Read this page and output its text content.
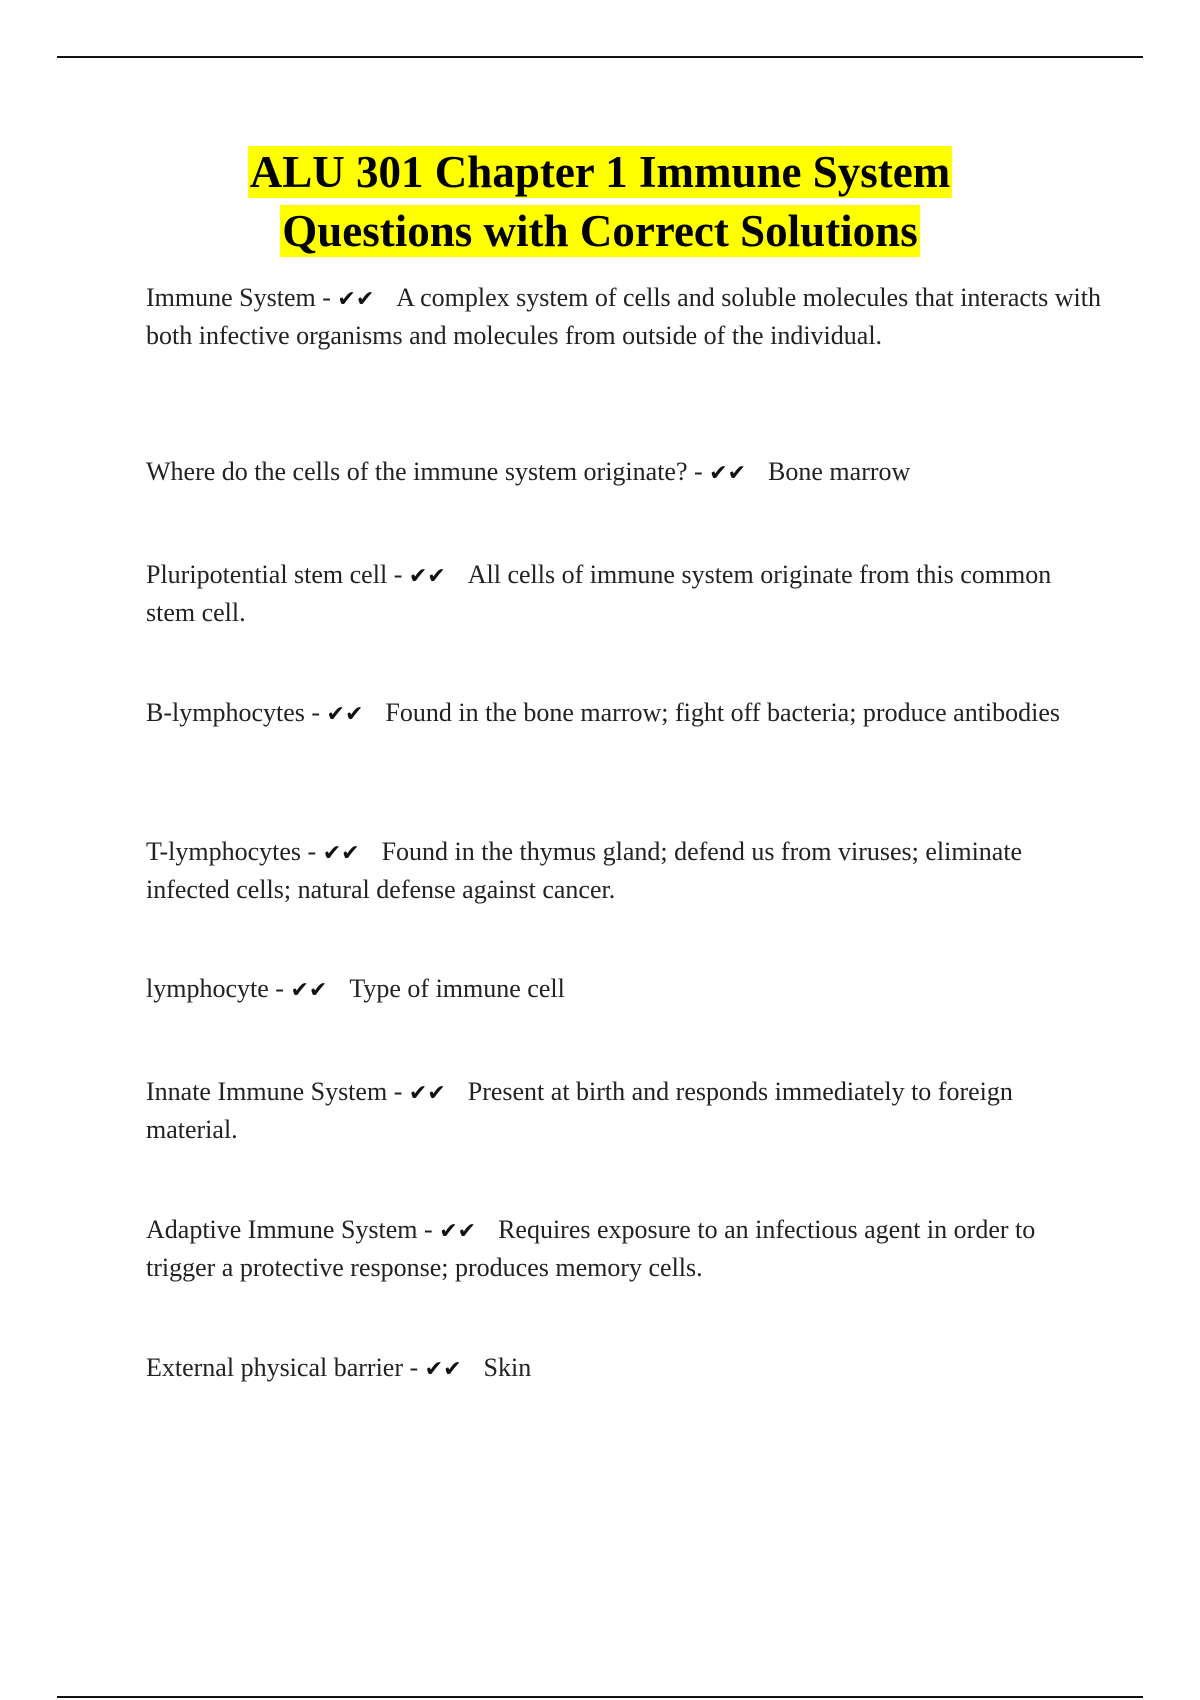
ALU 301 Chapter 1 Immune System
Questions with Correct Solutions
Immune System - ✔✔ A complex system of cells and soluble molecules that interacts with both infective organisms and molecules from outside of the individual.
Where do the cells of the immune system originate? - ✔✔ Bone marrow
Pluripotential stem cell - ✔✔ All cells of immune system originate from this common stem cell.
B-lymphocytes - ✔✔ Found in the bone marrow; fight off bacteria; produce antibodies
T-lymphocytes - ✔✔ Found in the thymus gland; defend us from viruses; eliminate infected cells; natural defense against cancer.
lymphocyte - ✔✔ Type of immune cell
Innate Immune System - ✔✔ Present at birth and responds immediately to foreign material.
Adaptive Immune System - ✔✔ Requires exposure to an infectious agent in order to trigger a protective response; produces memory cells.
External physical barrier - ✔✔ Skin
